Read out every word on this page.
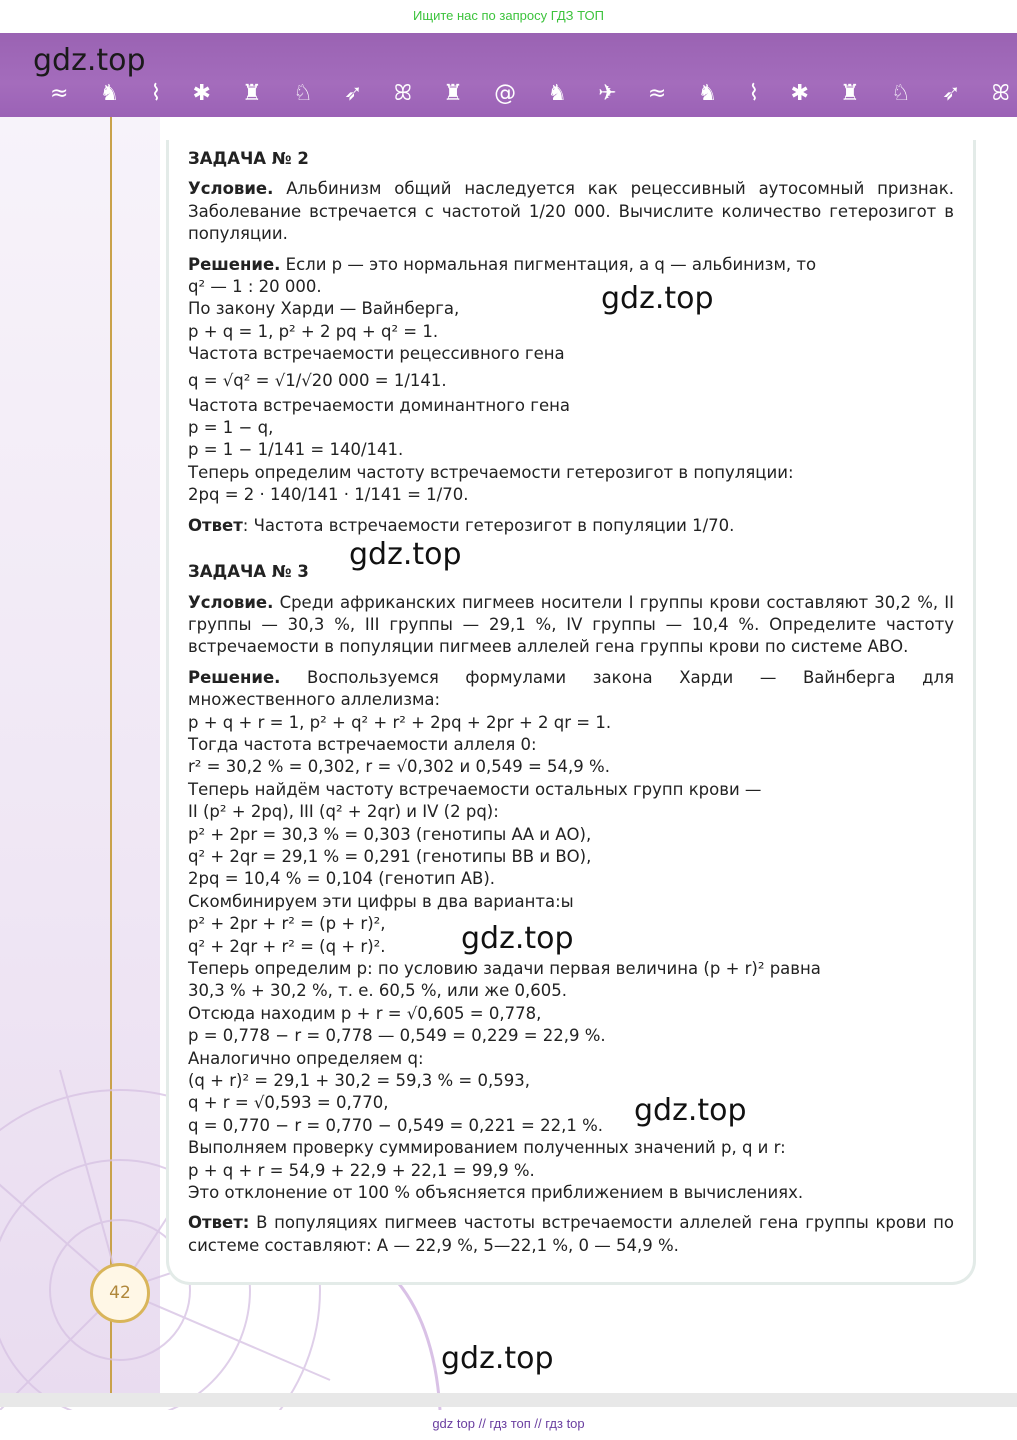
Ищите нас по запросу ГДЗ ТОП
gdz.top
≈ ♞ ⌇ ✱ ♜ ♘ ➶ ꕤ ♜ @ ♞ ✈ ≈ ♞ ⌇ ✱ ♜ ♘ ➶ ꕤ
42

ЗАДАЧА № 2

Условие. Альбинизм общий наследуется как рецессивный аутосомный признак. Заболевание встречается с частотой 1/20 000. Вычислите количество гетерозигот в популяции.

Решение. Если р — это нормальная пигментация, а q — альбинизм, то

q² — 1 : 20 000.

По закону Харди — Вайнберга,

p + q = 1, p² + 2 pq + q² = 1.

Частота встречаемости рецессивного гена

q = √q² = √1/√20 000 = 1/141.

Частота встречаемости доминантного гена

p = 1 − q,

p = 1 − 1/141 = 140/141.

Теперь определим частоту встречаемости гетерозигот в популяции:

2pq = 2 · 140/141 · 1/141 = 1/70.

Ответ: Частота встречаемости гетерозигот в популяции 1/70.

ЗАДАЧА № 3

Условие. Среди африканских пигмеев носители I группы крови составляют 30,2 %, II группы — 30,3 %, III группы — 29,1 %, IV группы — 10,4 %. Определите частоту встречаемости в популяции пигмеев аллелей гена группы крови по системе АВО.

Решение. Воспользуемся формулами закона Харди — Вайнберга для множественного аллелизма:

p + q + r = 1, p² + q² + r² + 2pq + 2pr + 2 qr = 1.

Тогда частота встречаемости аллеля 0:

r² = 30,2 % = 0,302, r = √0,302 и 0,549 = 54,9 %.

Теперь найдём частоту встречаемости остальных групп крови —

II (p² + 2pq), III (q² + 2qr) и IV (2 pq):

p² + 2pr = 30,3 % = 0,303 (генотипы АА и АО),

q² + 2qr = 29,1 % = 0,291 (генотипы ВВ и ВО),

2pq = 10,4 % = 0,104 (генотип АВ).

Скомбинируем эти цифры в два варианта:ы

p² + 2pr + r² = (p + r)²,

q² + 2qr + r² = (q + r)².

Теперь определим р: по условию задачи первая величина (p + r)² равна

30,3 % + 30,2 %, т. е. 60,5 %, или же 0,605.

Отсюда находим p + r = √0,605 = 0,778,

p = 0,778 − r = 0,778 — 0,549 = 0,229 = 22,9 %.

Аналогично определяем q:

(q + r)² = 29,1 + 30,2 = 59,3 % = 0,593,

q + r = √0,593 = 0,770,

q = 0,770 − r = 0,770 − 0,549 = 0,221 = 22,1 %.

Выполняем проверку суммированием полученных значений р, q и r:

p + q + r = 54,9 + 22,9 + 22,1 = 99,9 %.

Это отклонение от 100 % объясняется приближением в вычислениях.

Ответ: В популяциях пигмеев частоты встречаемости аллелей гена группы крови по системе составляют: А — 22,9 %, 5—22,1 %, 0 — 54,9 %.

gdz.top
gdz.top
gdz.top
gdz.top
gdz.top
gdz top // гдз топ // гдз top
